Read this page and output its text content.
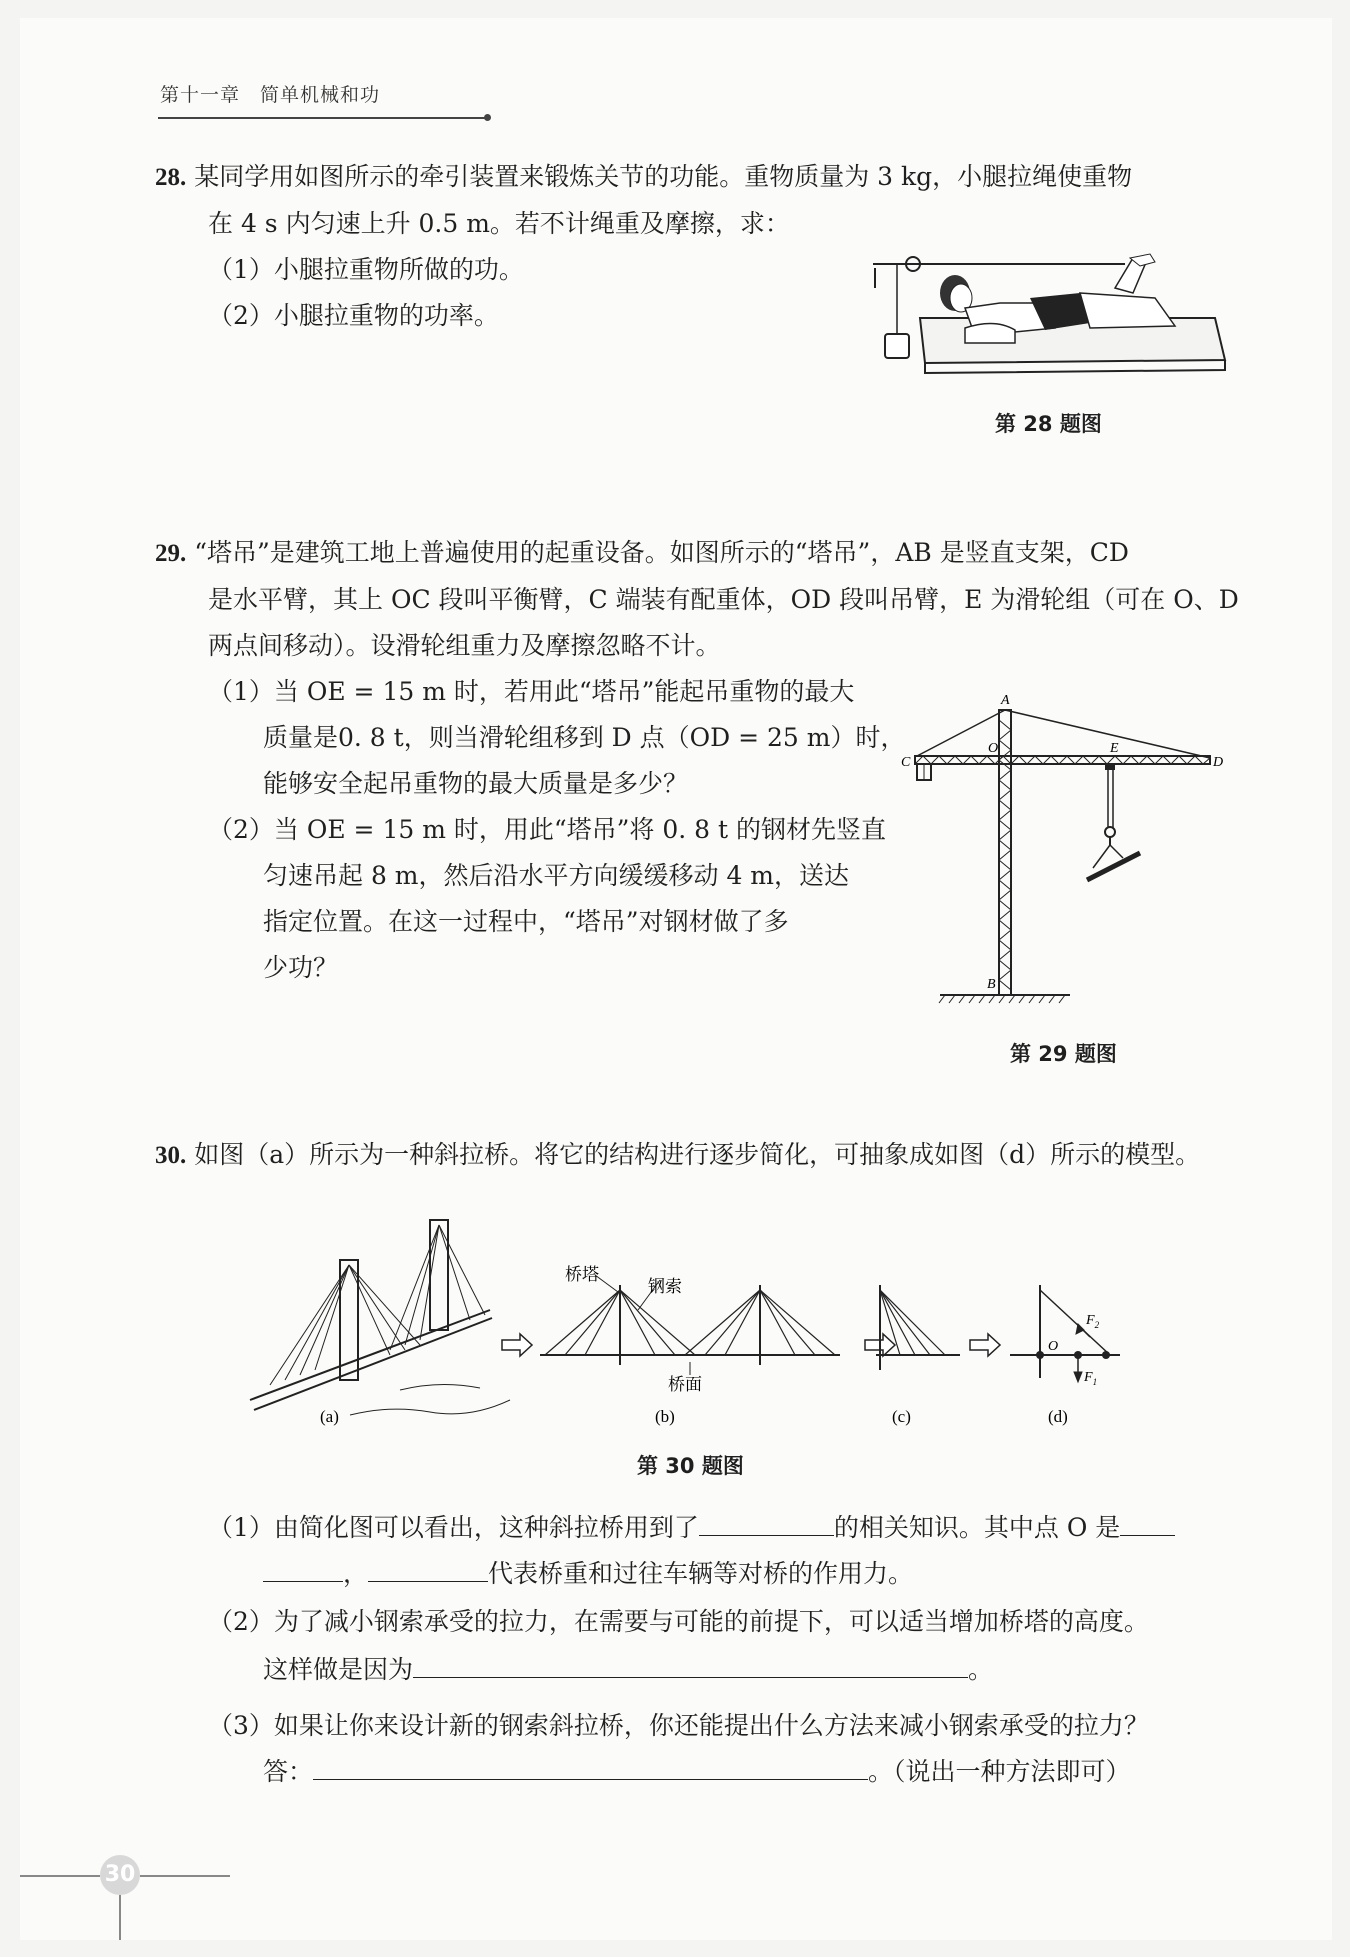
第十一章　简单机械和功
28. 某同学用如图所示的牵引装置来锻炼关节的功能。重物质量为 3 kg，小腿拉绳使重物
在 4 s 内匀速上升 0.5 m。若不计绳重及摩擦，求：
（1）小腿拉重物所做的功。
（2）小腿拉重物的功率。
第 28 题图
29. “塔吊”是建筑工地上普遍使用的起重设备。如图所示的“塔吊”，AB 是竖直支架，CD
是水平臂，其上 OC 段叫平衡臂，C 端装有配重体，OD 段叫吊臂，E 为滑轮组（可在 O、D
两点间移动）。设滑轮组重力及摩擦忽略不计。
（1）当 OE = 15 m 时，若用此“塔吊”能起吊重物的最大
质量是0. 8 t，则当滑轮组移到 D 点（OD = 25 m）时，
能够安全起吊重物的最大质量是多少？
（2）当 OE = 15 m 时，用此“塔吊”将 0. 8 t 的钢材先竖直
匀速吊起 8 m，然后沿水平方向缓缓移动 4 m，送达
指定位置。在这一过程中，“塔吊”对钢材做了多
少功？
A
O
C	D
E
B
第 29 题图
30. 如图（a）所示为一种斜拉桥。将它的结构进行逐步简化，可抽象成如图（d）所示的模型。
桥塔
钢索
桥面
O
$F_1$
$F_2$
(a)	(b)	(c)	(d)
第 30 题图
（1）由简化图可以看出，这种斜拉桥用到了	的相关知识。其中点 O 是
，	代表桥重和过往车辆等对桥的作用力。
（2）为了减小钢索承受的拉力，在需要与可能的前提下，可以适当增加桥塔的高度。
这样做是因为	。
（3）如果让你来设计新的钢索斜拉桥，你还能提出什么方法来减小钢索承受的拉力？
答：	。（说出一种方法即可）
30
